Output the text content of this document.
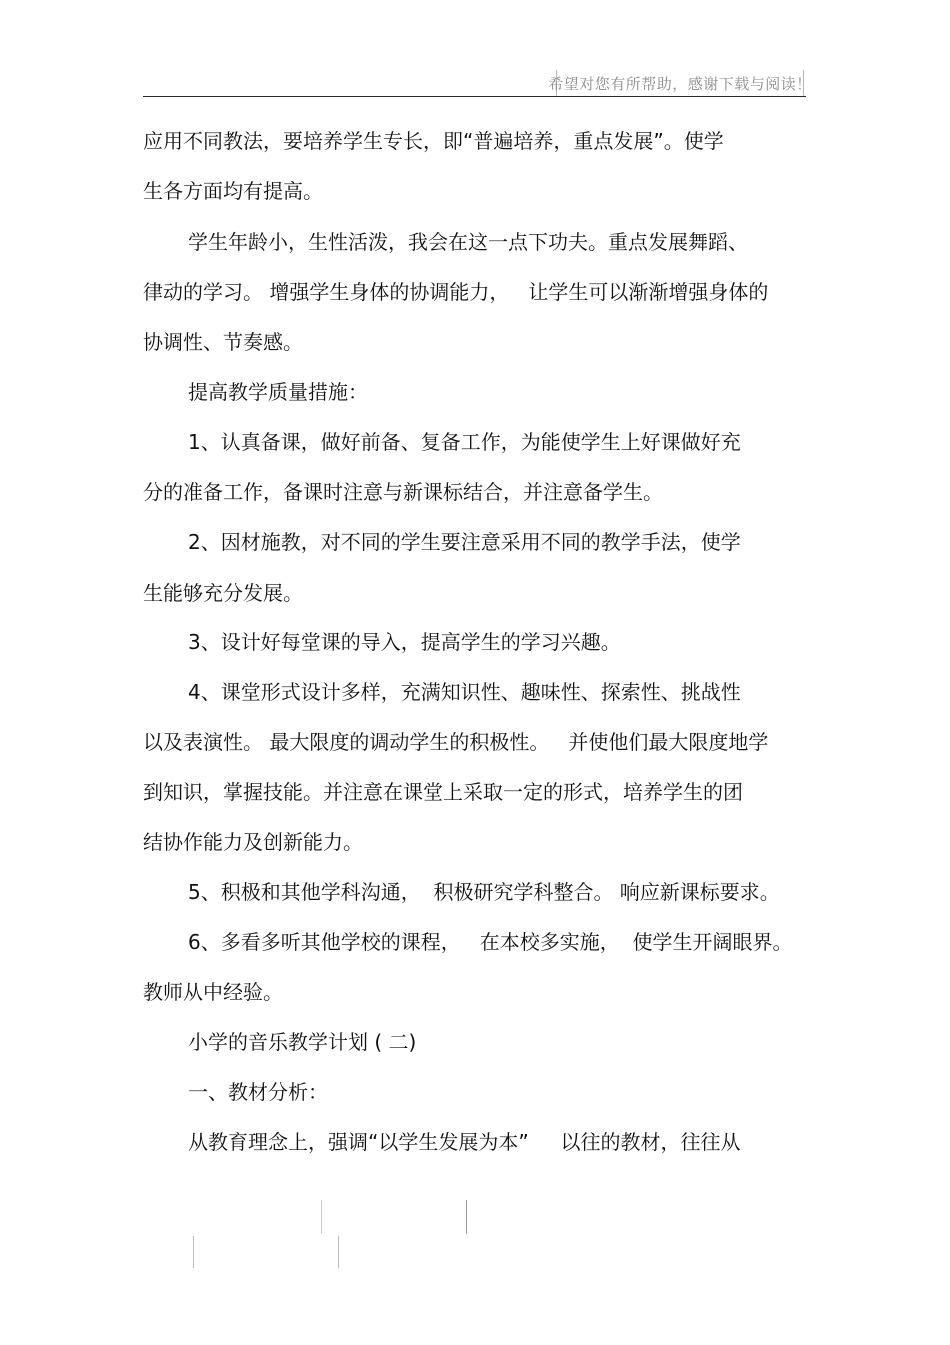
希望对您有所帮助，感谢下载与阅读！
应用不同教法，要培养学生专长，即“普遍培养，重点发展”。使学
生各方面均有提高。
学生年龄小，生性活泼，我会在这一点下功夫。重点发展舞蹈、
律动的学习。 增强学生身体的协调能力，   让学生可以渐渐增强身体的
协调性、节奏感。
提高教学质量措施：
1、认真备课，做好前备、复备工作，为能使学生上好课做好充
分的准备工作，备课时注意与新课标结合，并注意备学生。
2、因材施教，对不同的学生要注意采用不同的教学手法，使学
生能够充分发展。
3、设计好每堂课的导入，提高学生的学习兴趣。
4、课堂形式设计多样，充满知识性、趣味性、探索性、挑战性
以及表演性。 最大限度的调动学生的积极性。   并使他们最大限度地学
到知识，掌握技能。并注意在课堂上采取一定的形式，培养学生的团
结协作能力及创新能力。
5、积极和其他学科沟通，  积极研究学科整合。 响应新课标要求。
6、多看多听其他学校的课程，   在本校多实施，  使学生开阔眼界。
教师从中经验。
小学的音乐教学计划 ( 二)
一、教材分析：
从教育理念上，强调“以学生发展为本”     以往的教材，往往从
